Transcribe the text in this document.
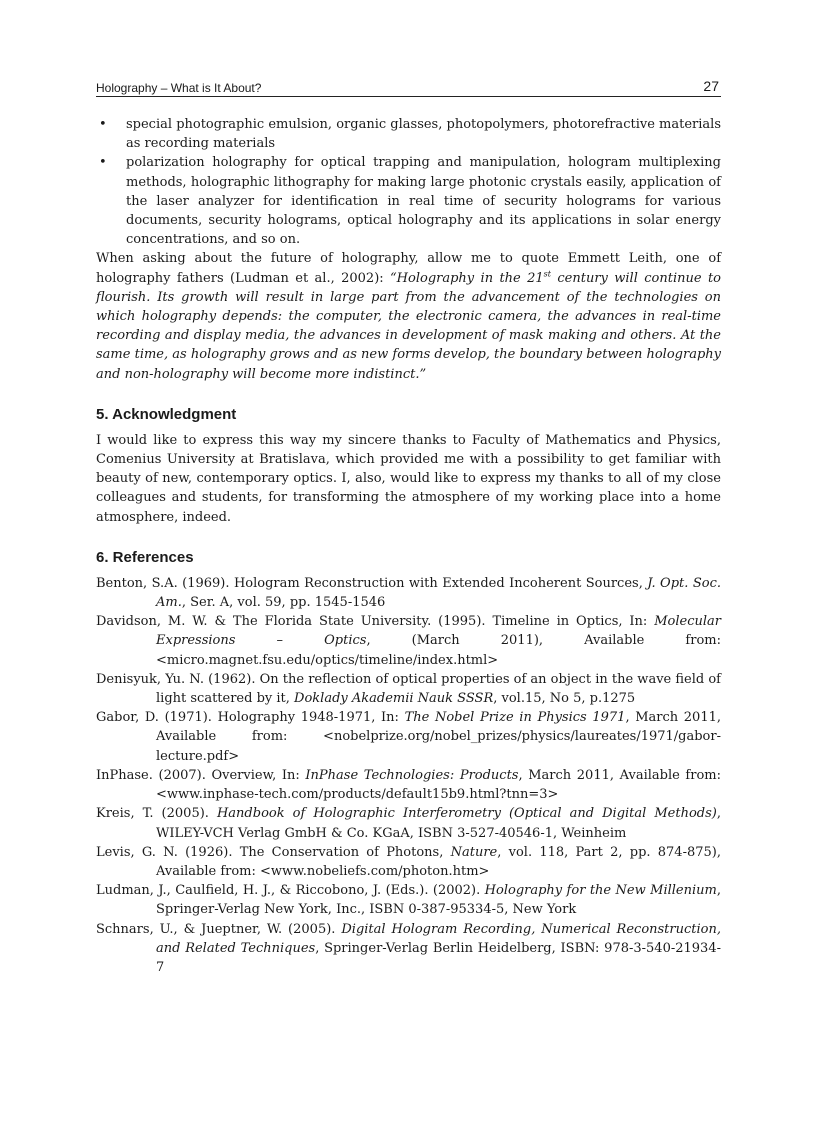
Holography – What is It About?	27
• special photographic emulsion, organic glasses, photopolymers, photorefractive materials as recording materials
• polarization holography for optical trapping and manipulation, hologram multiplexing methods, holographic lithography for making large photonic crystals easily, application of the laser analyzer for identification in real time of security holograms for various documents, security holograms, optical holography and its applications in solar energy concentrations, and so on.

When asking about the future of holography, allow me to quote Emmett Leith, one of holography fathers (Ludman et al., 2002): “Holography in the 21st century will continue to flourish. Its growth will result in large part from the advancement of the technologies on which holography depends: the computer, the electronic camera, the advances in real-time recording and display media, the advances in development of mask making and others. At the same time, as holography grows and as new forms develop, the boundary between holography and non-holography will become more indistinct.”

5. Acknowledgment

I would like to express this way my sincere thanks to Faculty of Mathematics and Physics, Comenius University at Bratislava, which provided me with a possibility to get familiar with beauty of new, contemporary optics. I, also, would like to express my thanks to all of my close colleagues and students, for transforming the atmosphere of my working place into a home atmosphere, indeed.

6. References

Benton, S.A. (1969). Hologram Reconstruction with Extended Incoherent Sources, J. Opt. Soc. Am., Ser. A, vol. 59, pp. 1545-1546

Davidson, M. W. & The Florida State University. (1995). Timeline in Optics, In: Molecular Expressions – Optics, (March 2011), Available from: <micro.magnet.fsu.edu/optics/timeline/index.html>

Denisyuk, Yu. N. (1962). On the reflection of optical properties of an object in the wave field of light scattered by it, Doklady Akademii Nauk SSSR, vol.15, No 5, p.1275

Gabor, D. (1971). Holography 1948-1971, In: The Nobel Prize in Physics 1971, March 2011, Available from: <nobelprize.org/nobel_prizes/physics/laureates/1971/gabor-lecture.pdf>

InPhase. (2007). Overview, In: InPhase Technologies: Products, March 2011, Available from: <www.inphase-tech.com/products/default15b9.html?tnn=3>

Kreis, T. (2005). Handbook of Holographic Interferometry (Optical and Digital Methods), WILEY-VCH Verlag GmbH & Co. KGaA, ISBN 3-527-40546-1, Weinheim

Levis, G. N. (1926). The Conservation of Photons, Nature, vol. 118, Part 2, pp. 874-875), Available from: <www.nobeliefs.com/photon.htm>

Ludman, J., Caulfield, H. J., & Riccobono, J. (Eds.). (2002). Holography for the New Millenium, Springer-Verlag New York, Inc., ISBN 0-387-95334-5, New York

Schnars, U., & Jueptner, W. (2005). Digital Hologram Recording, Numerical Reconstruction, and Related Techniques, Springer-Verlag Berlin Heidelberg, ISBN: 978-3-540-21934-7
